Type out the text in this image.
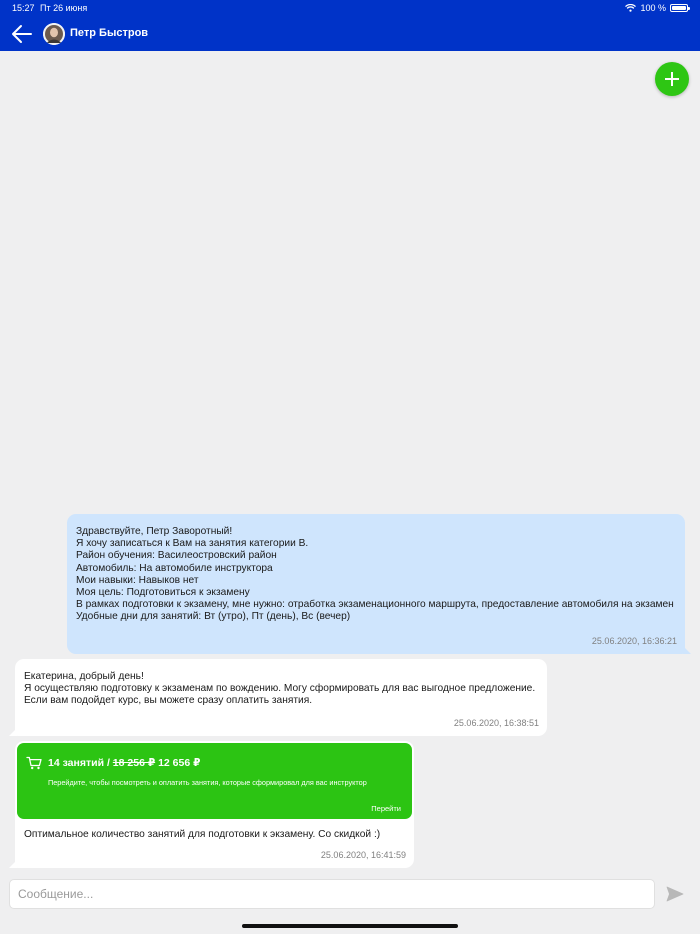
15:27 Пт 26 июня	100 %
Петр Быстров
Здравствуйте, Петр Заворотный!
Я хочу записаться к Вам на занятия категории B.
Район обучения: Василеостровский район
Автомобиль: На автомобиле инструктора
Мои навыки: Навыков нет
Моя цель: Подготовиться к экзамену
В рамках подготовки к экзамену, мне нужно: отработка экзаменационного маршрута, предоставление автомобиля на экзамен
Удобные дни для занятий: Вт (утро), Пт (день), Вс (вечер)
25.06.2020, 16:36:21
Екатерина, добрый день!
Я осуществляю подготовку к экзаменам по вождению. Могу сформировать для вас выгодное предложение.
Если вам подойдет курс, вы можете сразу оплатить занятия.
25.06.2020, 16:38:51
14 занятий / 18 256 ₽ 12 656 ₽
Перейдите, чтобы посмотреть и оплатить занятия, которые сформировал для вас инструктор
Перейти
Оптимальное количество занятий для подготовки к экзамену. Со скидкой :)
25.06.2020, 16:41:59
Сообщение...
